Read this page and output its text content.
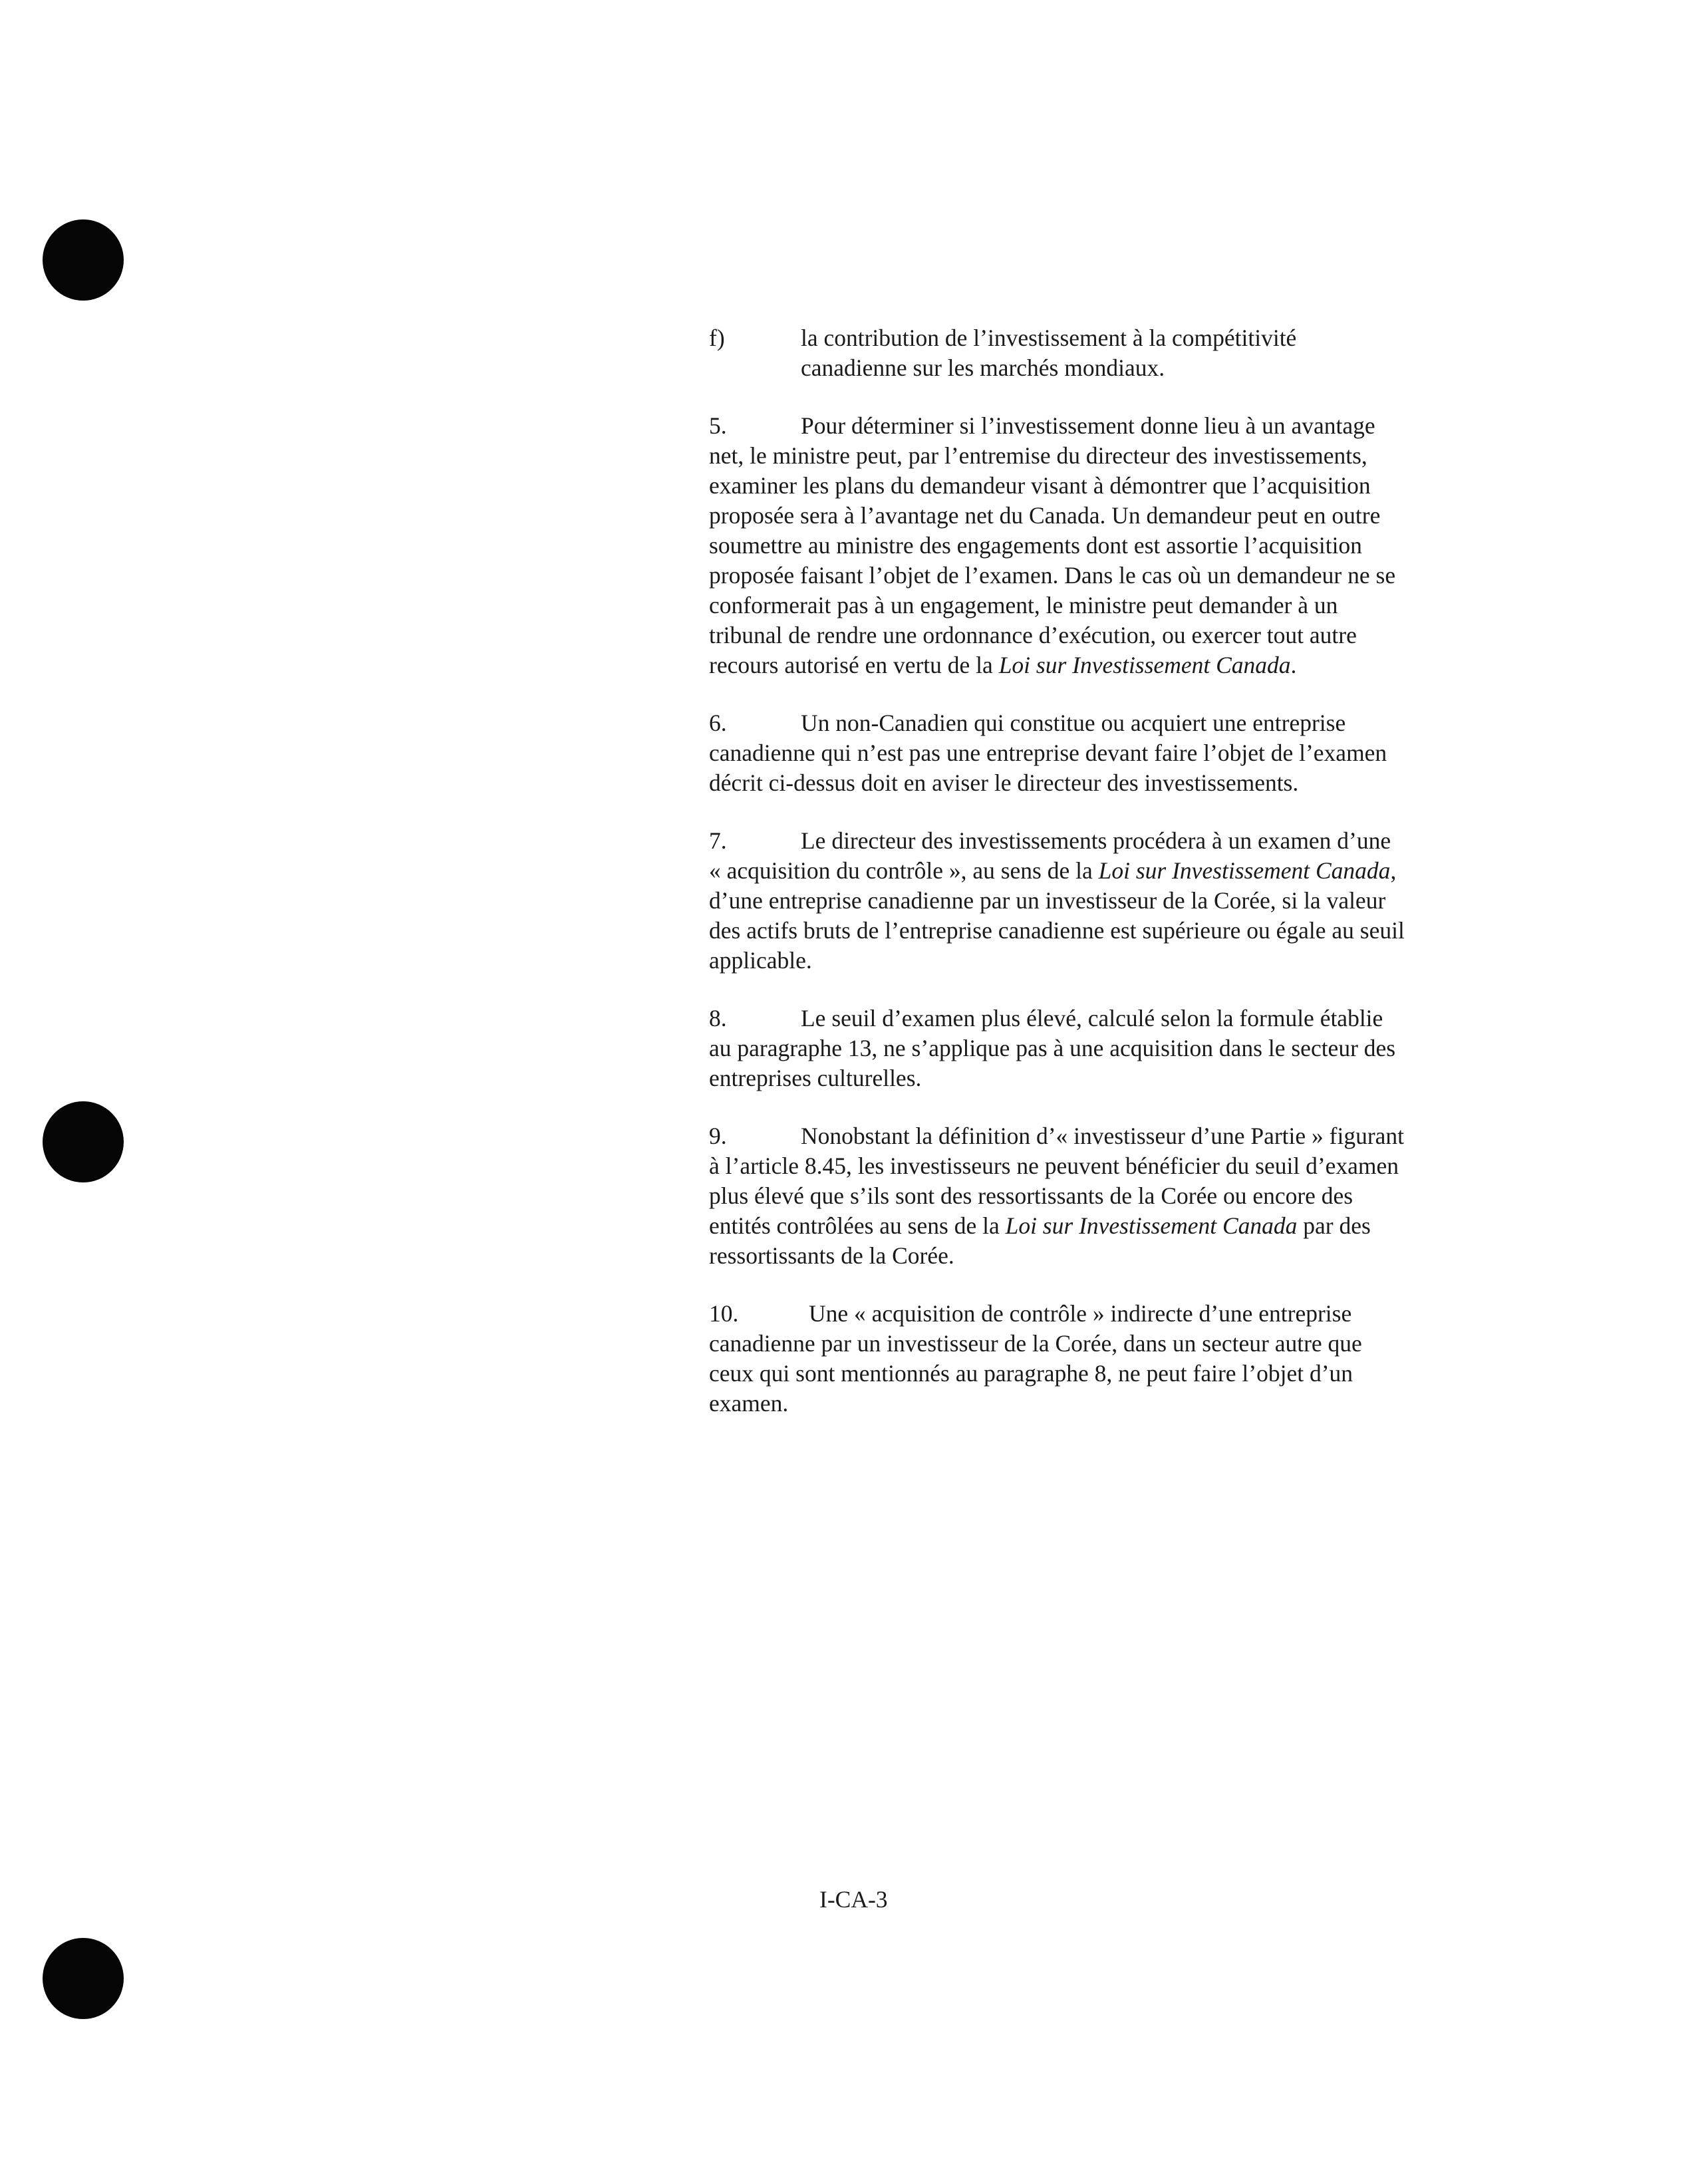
f)	la contribution de l’investissement à la compétitivité canadienne sur les marchés mondiaux.

5.	Pour déterminer si l’investissement donne lieu à un avantage net, le ministre peut, par l’entremise du directeur des investissements, examiner les plans du demandeur visant à démontrer que l’acquisition proposée sera à l’avantage net du Canada. Un demandeur peut en outre soumettre au ministre des engagements dont est assortie l’acquisition proposée faisant l’objet de l’examen. Dans le cas où un demandeur ne se conformerait pas à un engagement, le ministre peut demander à un tribunal de rendre une ordonnance d’exécution, ou exercer tout autre recours autorisé en vertu de la Loi sur Investissement Canada.

6.	Un non-Canadien qui constitue ou acquiert une entreprise canadienne qui n’est pas une entreprise devant faire l’objet de l’examen décrit ci-dessus doit en aviser le directeur des investissements.

7.	Le directeur des investissements procédera à un examen d’une « acquisition du contrôle », au sens de la Loi sur Investissement Canada, d’une entreprise canadienne par un investisseur de la Corée, si la valeur des actifs bruts de l’entreprise canadienne est supérieure ou égale au seuil applicable.

8.	Le seuil d’examen plus élevé, calculé selon la formule établie au paragraphe 13, ne s’applique pas à une acquisition dans le secteur des entreprises culturelles.

9.	Nonobstant la définition d’« investisseur d’une Partie » figurant à l’article 8.45, les investisseurs ne peuvent bénéficier du seuil d’examen plus élevé que s’ils sont des ressortissants de la Corée ou encore des entités contrôlées au sens de la Loi sur Investissement Canada par des ressortissants de la Corée.

10.	Une « acquisition de contrôle » indirecte d’une entreprise canadienne par un investisseur de la Corée, dans un secteur autre que ceux qui sont mentionnés au paragraphe 8, ne peut faire l’objet d’un examen.

I-CA-3
